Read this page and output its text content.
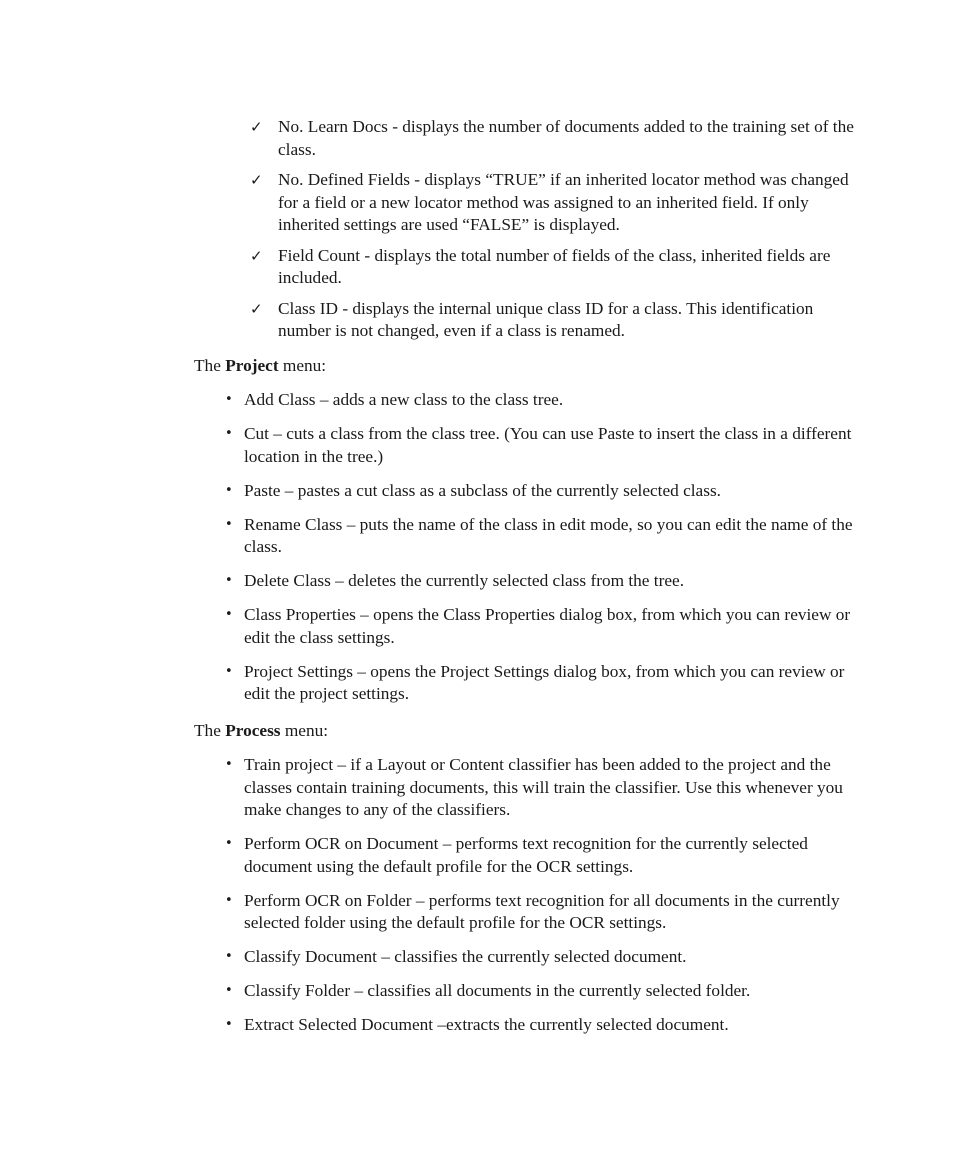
✓ No. Learn Docs - displays the number of documents added to the training set of the class.
✓ No. Defined Fields - displays “TRUE” if an inherited locator method was changed for a field or a new locator method was assigned to an inherited field. If only inherited settings are used “FALSE” is displayed.
✓ Field Count - displays the total number of fields of the class, inherited fields are included.
✓ Class ID - displays the internal unique class ID for a class. This identification number is not changed, even if a class is renamed.

The Project menu:

• Add Class – adds a new class to the class tree.
• Cut – cuts a class from the class tree. (You can use Paste to insert the class in a different location in the tree.)
• Paste – pastes a cut class as a subclass of the currently selected class.
• Rename Class – puts the name of the class in edit mode, so you can edit the name of the class.
• Delete Class – deletes the currently selected class from the tree.
• Class Properties – opens the Class Properties dialog box, from which you can review or edit the class settings.
• Project Settings – opens the Project Settings dialog box, from which you can review or edit the project settings.

The Process menu:

• Train project – if a Layout or Content classifier has been added to the project and the classes contain training documents, this will train the classifier. Use this whenever you make changes to any of the classifiers.
• Perform OCR on Document – performs text recognition for the currently selected document using the default profile for the OCR settings.
• Perform OCR on Folder – performs text recognition for all documents in the currently selected folder using the default profile for the OCR settings.
• Classify Document – classifies the currently selected document.
• Classify Folder – classifies all documents in the currently selected folder.
• Extract Selected Document –extracts the currently selected document.
